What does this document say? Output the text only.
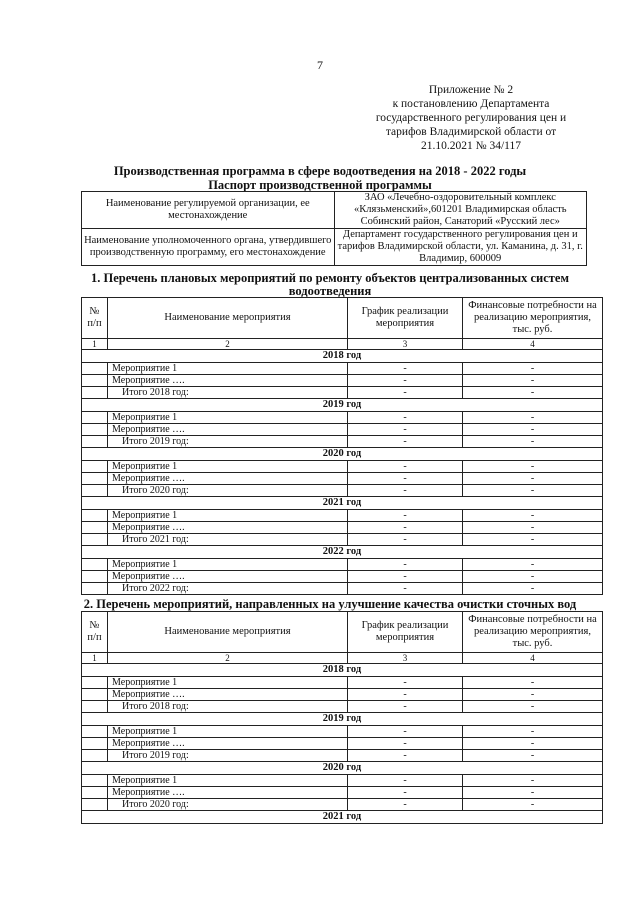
7
Приложение № 2
к постановлению Департамента
государственного регулирования цен и
тарифов Владимирской области от
21.10.2021 № 34/117
Производственная программа в сфере водоотведения на 2018 - 2022 годы
Паспорт производственной программы
Наименование регулируемой организации, ее местонахождение	ЗАО «Лечебно-оздоровительный комплекс «Клязьменский»,601201 Владимирская область Собинский район, Санаторий «Русский лес»
Наименование уполномоченного органа, утвердившего производственную программу, его местонахождение	Департамент государственного регулирования цен и тарифов Владимирской области, ул. Каманина, д. 31, г. Владимир, 600009
1. Перечень плановых мероприятий по ремонту объектов централизованных систем водоотведения
№ п/п	Наименование мероприятия	График реализации мероприятия	Финансовые потребности на реализацию мероприятия, тыс. руб.
1	2	3	4
2018 год			
	Мероприятие 1	-	-
	Мероприятие ….	-	-
	Итого 2018 год:	-	-
2019 год			
	Мероприятие 1	-	-
	Мероприятие ….	-	-
	Итого 2019 год:	-	-
2020 год			
	Мероприятие 1	-	-
	Мероприятие ….	-	-
	Итого 2020 год:	-	-
2021 год			
	Мероприятие 1	-	-
	Мероприятие ….	-	-
	Итого 2021 год:	-	-
2022 год			
	Мероприятие 1	-	-
	Мероприятие ….	-	-
	Итого 2022 год:	-	-
2. Перечень мероприятий, направленных на улучшение качества очистки сточных вод
№ п/п	Наименование мероприятия	График реализации мероприятия	Финансовые потребности на реализацию мероприятия, тыс. руб.
1	2	3	4
2018 год			
	Мероприятие 1	-	-
	Мероприятие ….	-	-
	Итого 2018 год:	-	-
2019 год			
	Мероприятие 1	-	-
	Мероприятие ….	-	-
	Итого 2019 год:	-	-
2020 год			
	Мероприятие 1	-	-
	Мероприятие ….	-	-
	Итого 2020 год:	-	-
2021 год			
